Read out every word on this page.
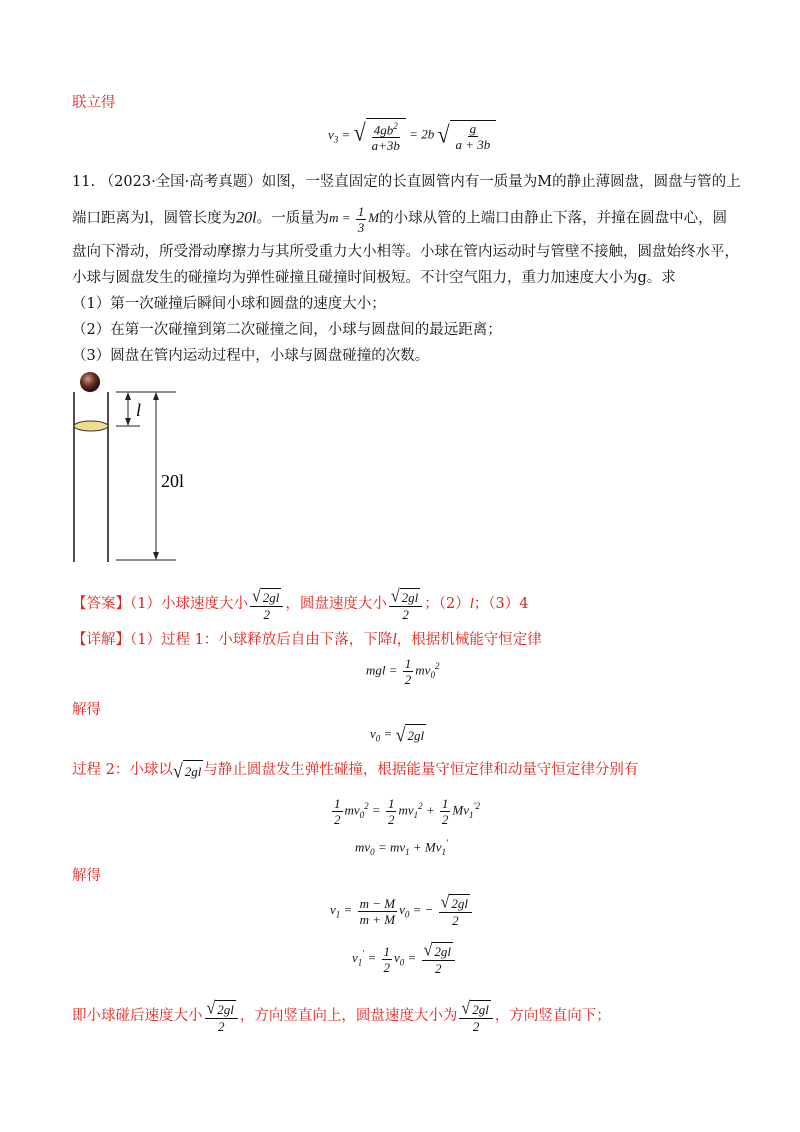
联立得
$v_3$ = √ $\frac{4gb^2}{a+3b} = 2b$ √ $\frac{g}{a + 3b}$
11. （2023·全国·高考真题）如图，一竖直固定的长直圆管内有一质量为M的静止薄圆盘，圆盘与管的上
端口距离为l，圆管长度为20l。一质量为$m = \frac{1}{3}$ M的小球从管的上端口由静止下落，并撞在圆盘中心，圆
盘向下滑动，所受滑动摩擦力与其所受重力大小相等。小球在管内运动时与管壁不接触，圆盘始终水平，
小球与圆盘发生的碰撞均为弹性碰撞且碰撞时间极短。不计空气阻力，重力加速度大小为g。求
（1）第一次碰撞后瞬间小球和圆盘的速度大小；
（2）在第一次碰撞到第二次碰撞之间，小球与圆盘间的最远距离；
（3）圆盘在管内运动过程中，小球与圆盘碰撞的次数。
l
20l
【答案】（1）小球速度大小 $\frac{√ 2gl}{2}$ ，圆盘速度大小 $\frac{√ 2gl}{2}$ ；（2）l；（3）4
【详解】（1）过程 1：小球释放后自由下落，下降l，根据机械能守恒定律
mgl = $\frac{1}{2} mv_0^2$
解得
$v_0$ = √ 2gl
过程 2：小球以 √ 2gl 与静止圆盘发生弹性碰撞，根据能量守恒定律和动量守恒定律分别有
$\frac{1}{2} mv_0^2 = \frac{1}{2} mv_1^2 + \frac{1}{2} Mv_1^{'2}$
$mv_0 = mv_1 + Mv_1'$
解得
$v_1 = \frac{m - M}{m + M} v_0$ = − $\frac{√ 2gl}{2}$
$v_1' = \frac{1}{2} v_0 = \frac{√ 2gl}{2}$
即小球碰后速度大小 $\frac{√ 2gl}{2}$ ，方向竖直向上，圆盘速度大小为 $\frac{√ 2gl}{2}$ ，方向竖直向下；
